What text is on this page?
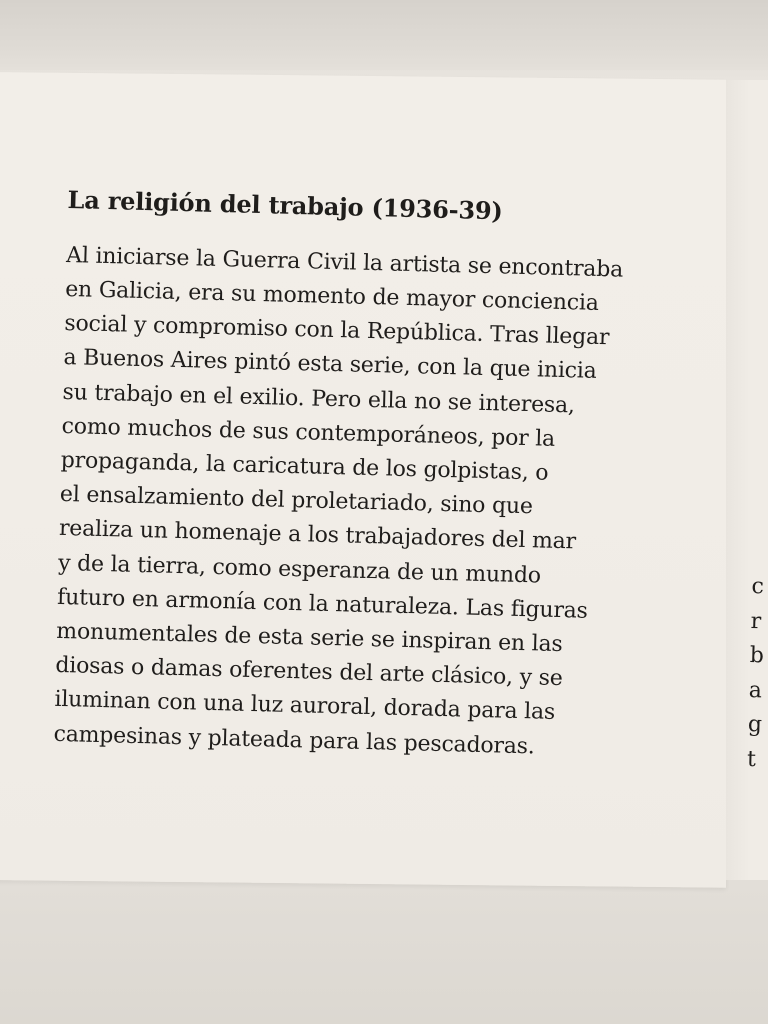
La religión del trabajo (1936-39)

Al iniciarse la Guerra Civil la artista se encontraba

en Galicia, era su momento de mayor conciencia

social y compromiso con la República. Tras llegar

a Buenos Aires pintó esta serie, con la que inicia

su trabajo en el exilio. Pero ella no se interesa,

como muchos de sus contemporáneos, por la

propaganda, la caricatura de los golpistas, o

el ensalzamiento del proletariado, sino que

realiza un homenaje a los trabajadores del mar

y de la tierra, como esperanza de un mundo

futuro en armonía con la naturaleza. Las figuras

monumentales de esta serie se inspiran en las

diosas o damas oferentes del arte clásico, y se

iluminan con una luz auroral, dorada para las

campesinas y plateada para las pescadoras.

c
r
b
a
g
t
